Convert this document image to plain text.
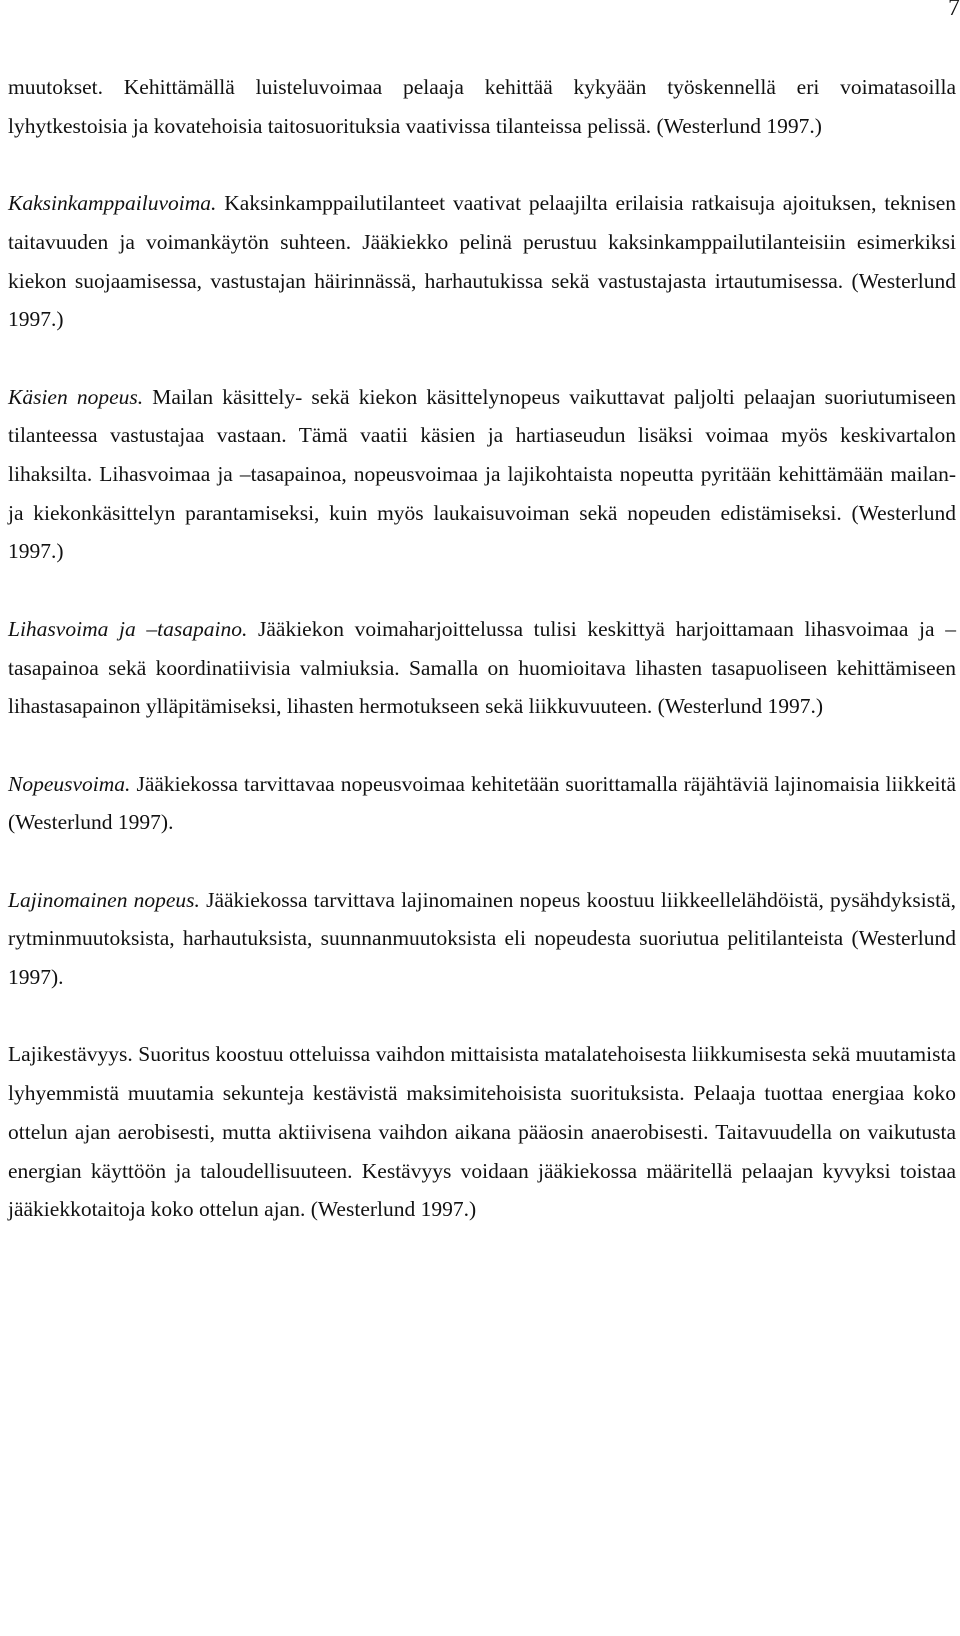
7

muutokset. Kehittämällä luisteluvoimaa pelaaja kehittää kykyään työskennellä eri voimatasoilla lyhytkestoisia ja kovatehoisia taitosuorituksia vaativissa tilanteissa pelissä. (Westerlund 1997.)

Kaksinkamppailuvoima. Kaksinkamppailutilanteet vaativat pelaajilta erilaisia ratkaisuja ajoituksen, teknisen taitavuuden ja voimankäytön suhteen. Jääkiekko pelinä perustuu kaksinkamppailutilanteisiin esimerkiksi kiekon suojaamisessa, vastustajan häirinnässä, harhautukissa sekä vastustajasta irtautumisessa. (Westerlund 1997.)

Käsien nopeus. Mailan käsittely- sekä kiekon käsittelynopeus vaikuttavat paljolti pelaajan suoriutumiseen tilanteessa vastustajaa vastaan. Tämä vaatii käsien ja hartiaseudun lisäksi voimaa myös keskivartalon lihaksilta. Lihasvoimaa ja –tasapainoa, nopeusvoimaa ja lajikohtaista nopeutta pyritään kehittämään mailan- ja kiekonkäsittelyn parantamiseksi, kuin myös laukaisuvoiman sekä nopeuden edistämiseksi. (Westerlund 1997.)

Lihasvoima ja –tasapaino. Jääkiekon voimaharjoittelussa tulisi keskittyä harjoittamaan lihasvoimaa ja –tasapainoa sekä koordinatiivisia valmiuksia. Samalla on huomioitava lihasten tasapuoliseen kehittämiseen lihastasapainon ylläpitämiseksi, lihasten hermotukseen sekä liikkuvuuteen. (Westerlund 1997.)

Nopeusvoima. Jääkiekossa tarvittavaa nopeusvoimaa kehitetään suorittamalla räjähtäviä lajinomaisia liikkeitä (Westerlund 1997).

Lajinomainen nopeus. Jääkiekossa tarvittava lajinomainen nopeus koostuu liikkeellelähdöistä, pysähdyksistä, rytminmuutoksista, harhautuksista, suunnanmuutoksista eli nopeudesta suoriutua pelitilanteista (Westerlund 1997).

Lajikestävyys. Suoritus koostuu otteluissa vaihdon mittaisista matalatehoisesta liikkumisesta sekä muutamista lyhyemmistä muutamia sekunteja kestävistä maksimitehoisista suorituksista. Pelaaja tuottaa energiaa koko ottelun ajan aerobisesti, mutta aktiivisena vaihdon aikana pääosin anaerobisesti. Taitavuudella on vaikutusta energian käyttöön ja taloudellisuuteen. Kestävyys voidaan jääkiekossa määritellä pelaajan kyvyksi toistaa jääkiekkotaitoja koko ottelun ajan. (Westerlund 1997.)
